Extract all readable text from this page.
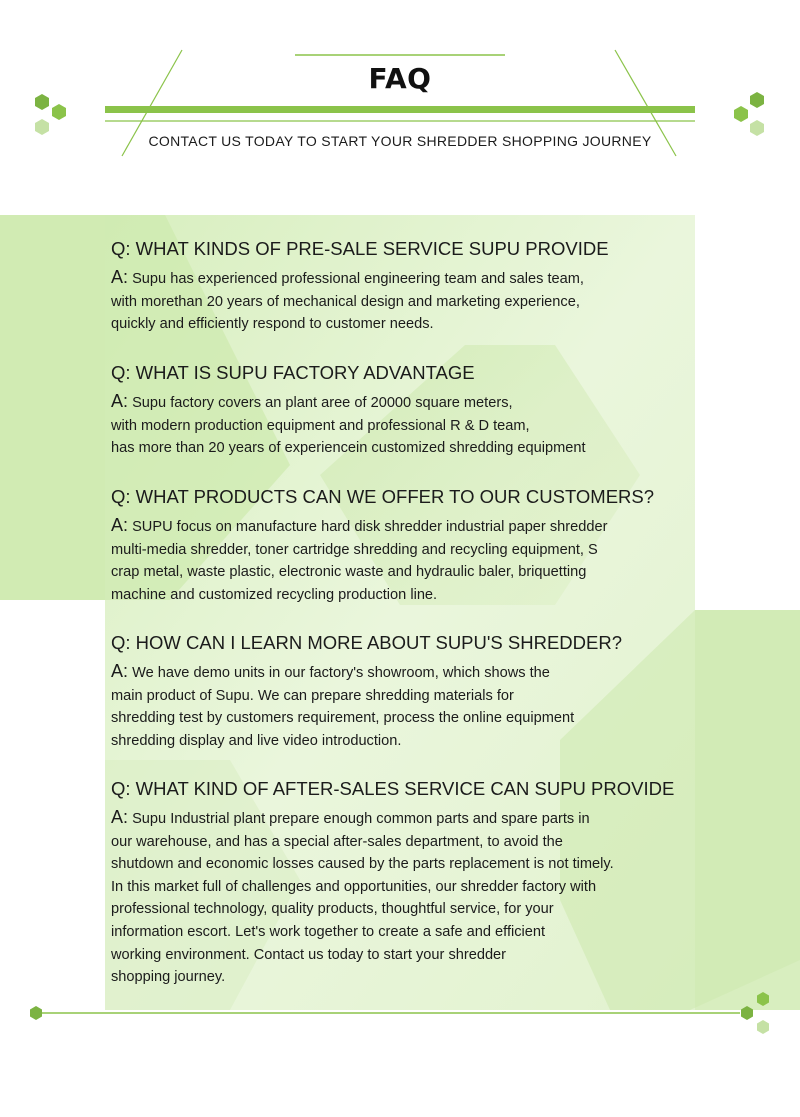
FAQ
CONTACT US TODAY TO START YOUR SHREDDER SHOPPING JOURNEY
Q: WHAT KINDS OF PRE-SALE SERVICE SUPU PROVIDE
A: Supu has experienced professional engineering team and sales team,
with morethan 20 years of mechanical design and marketing experience,
quickly and efficiently respond to customer needs.
Q: WHAT IS SUPU FACTORY ADVANTAGE
A: Supu factory covers an plant aree of 20000 square meters,
with modern production equipment and professional R & D team,
has more than 20 years of experiencein customized shredding equipment
Q: WHAT PRODUCTS CAN WE OFFER TO OUR CUSTOMERS?
A: SUPU focus on manufacture hard disk shredder industrial paper shredder
multi-media shredder, toner cartridge shredding and recycling equipment, S
crap metal, waste plastic, electronic waste and hydraulic baler, briquetting
machine and customized recycling production line.
Q: HOW CAN I LEARN MORE ABOUT SUPU'S SHREDDER?
A: We have demo units in our factory's showroom, which shows the
main product of Supu. We can prepare shredding materials for
shredding test by customers requirement, process the online equipment
shredding display and live video introduction.
Q: WHAT KIND OF AFTER-SALES SERVICE CAN SUPU PROVIDE
A: Supu Industrial plant prepare enough common parts and spare parts in
our warehouse, and has a special after-sales department, to avoid the
shutdown and economic losses caused by the parts replacement is not timely.
In this market full of challenges and opportunities, our shredder factory with
professional technology, quality products, thoughtful service, for your
information escort. Let's work together to create a safe and efficient
working environment. Contact us today to start your shredder
shopping journey.
豆包AI生成
